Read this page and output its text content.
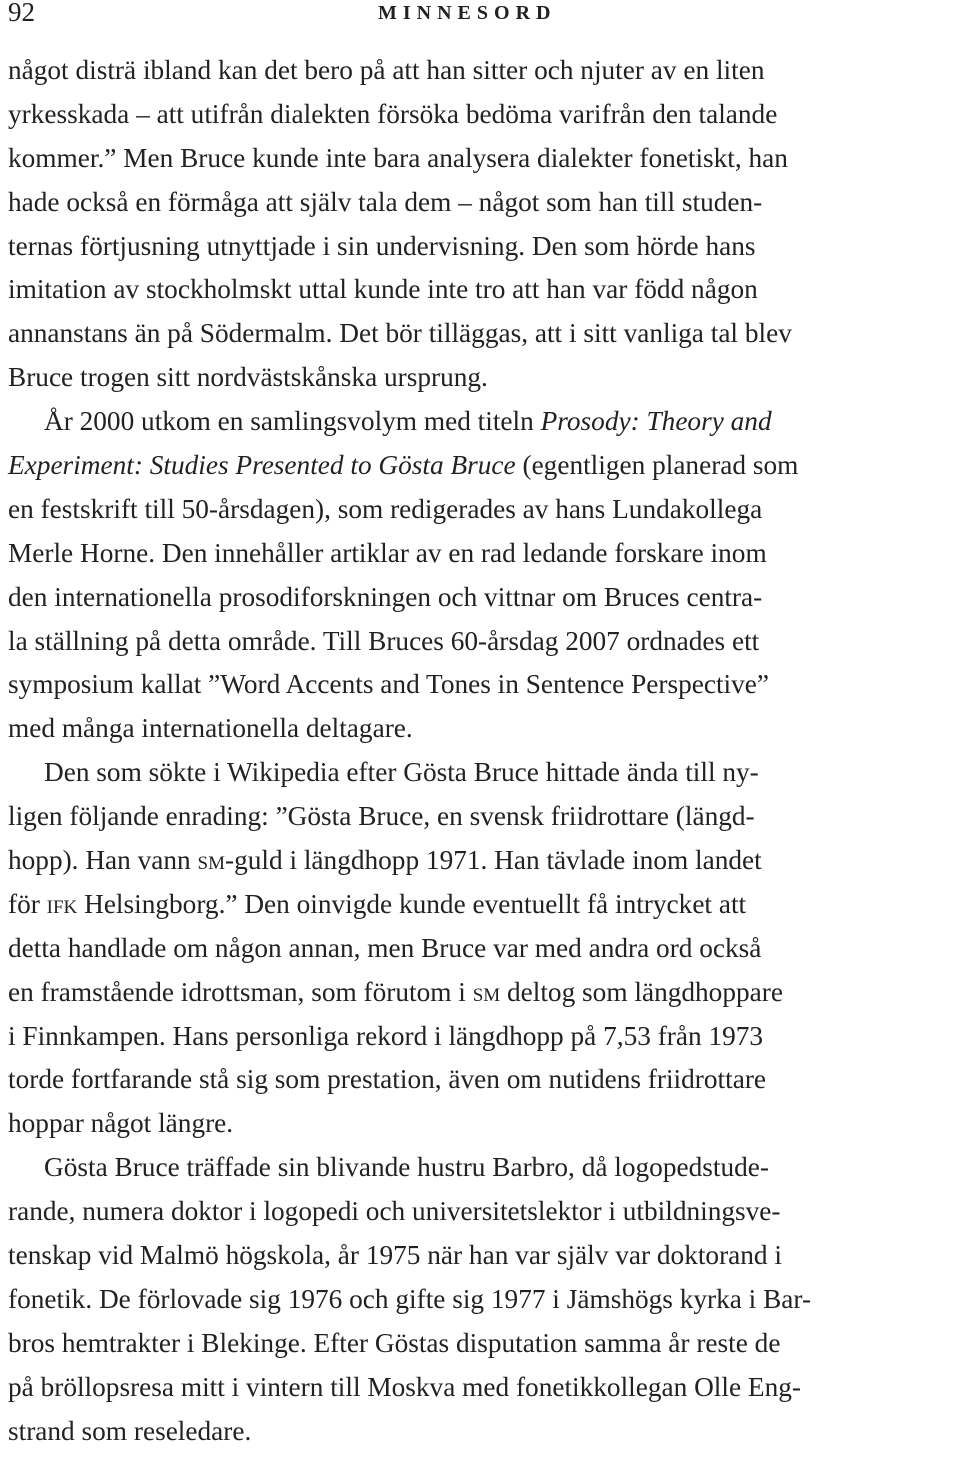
92	MINNESORD

något disträ ibland kan det bero på att han sitter och njuter av en liten
yrkesskada – att utifrån dialekten försöka bedöma varifrån den talande
kommer.” Men Bruce kunde inte bara analysera dialekter fonetiskt, han
hade också en förmåga att själv tala dem – något som han till studen-
ternas förtjusning utnyttjade i sin undervisning. Den som hörde hans
imitation av stockholmskt uttal kunde inte tro att han var född någon
annanstans än på Södermalm. Det bör tilläggas, att i sitt vanliga tal blev
Bruce trogen sitt nordvästskånska ursprung.

År 2000 utkom en samlingsvolym med titeln Prosody: Theory and
Experiment: Studies Presented to Gösta Bruce (egentligen planerad som
en festskrift till 50-årsdagen), som redigerades av hans Lundakollega
Merle Horne. Den innehåller artiklar av en rad ledande forskare inom
den internationella prosodiforskningen och vittnar om Bruces centra-
la ställning på detta område. Till Bruces 60-årsdag 2007 ordnades ett
symposium kallat ”Word Accents and Tones in Sentence Perspective”
med många internationella deltagare.

Den som sökte i Wikipedia efter Gösta Bruce hittade ända till ny-
ligen följande enrading: ”Gösta Bruce, en svensk friidrottare (längd-
hopp). Han vann sm-guld i längdhopp 1971. Han tävlade inom landet
för ifk Helsingborg.” Den oinvigde kunde eventuellt få intrycket att
detta handlade om någon annan, men Bruce var med andra ord också
en framstående idrottsman, som förutom i sm deltog som längdhoppare
i Finnkampen. Hans personliga rekord i längdhopp på 7,53 från 1973
torde fortfarande stå sig som prestation, även om nutidens friidrottare
hoppar något längre.

Gösta Bruce träffade sin blivande hustru Barbro, då logopedstude-
rande, numera doktor i logopedi och universitetslektor i utbildningsve-
tenskap vid Malmö högskola, år 1975 när han var själv var doktorand i
fonetik. De förlovade sig 1976 och gifte sig 1977 i Jämshögs kyrka i Bar-
bros hemtrakter i Blekinge. Efter Göstas disputation samma år reste de
på bröllopsresa mitt i vintern till Moskva med fonetikkollegan Olle Eng-
strand som reseledare.
